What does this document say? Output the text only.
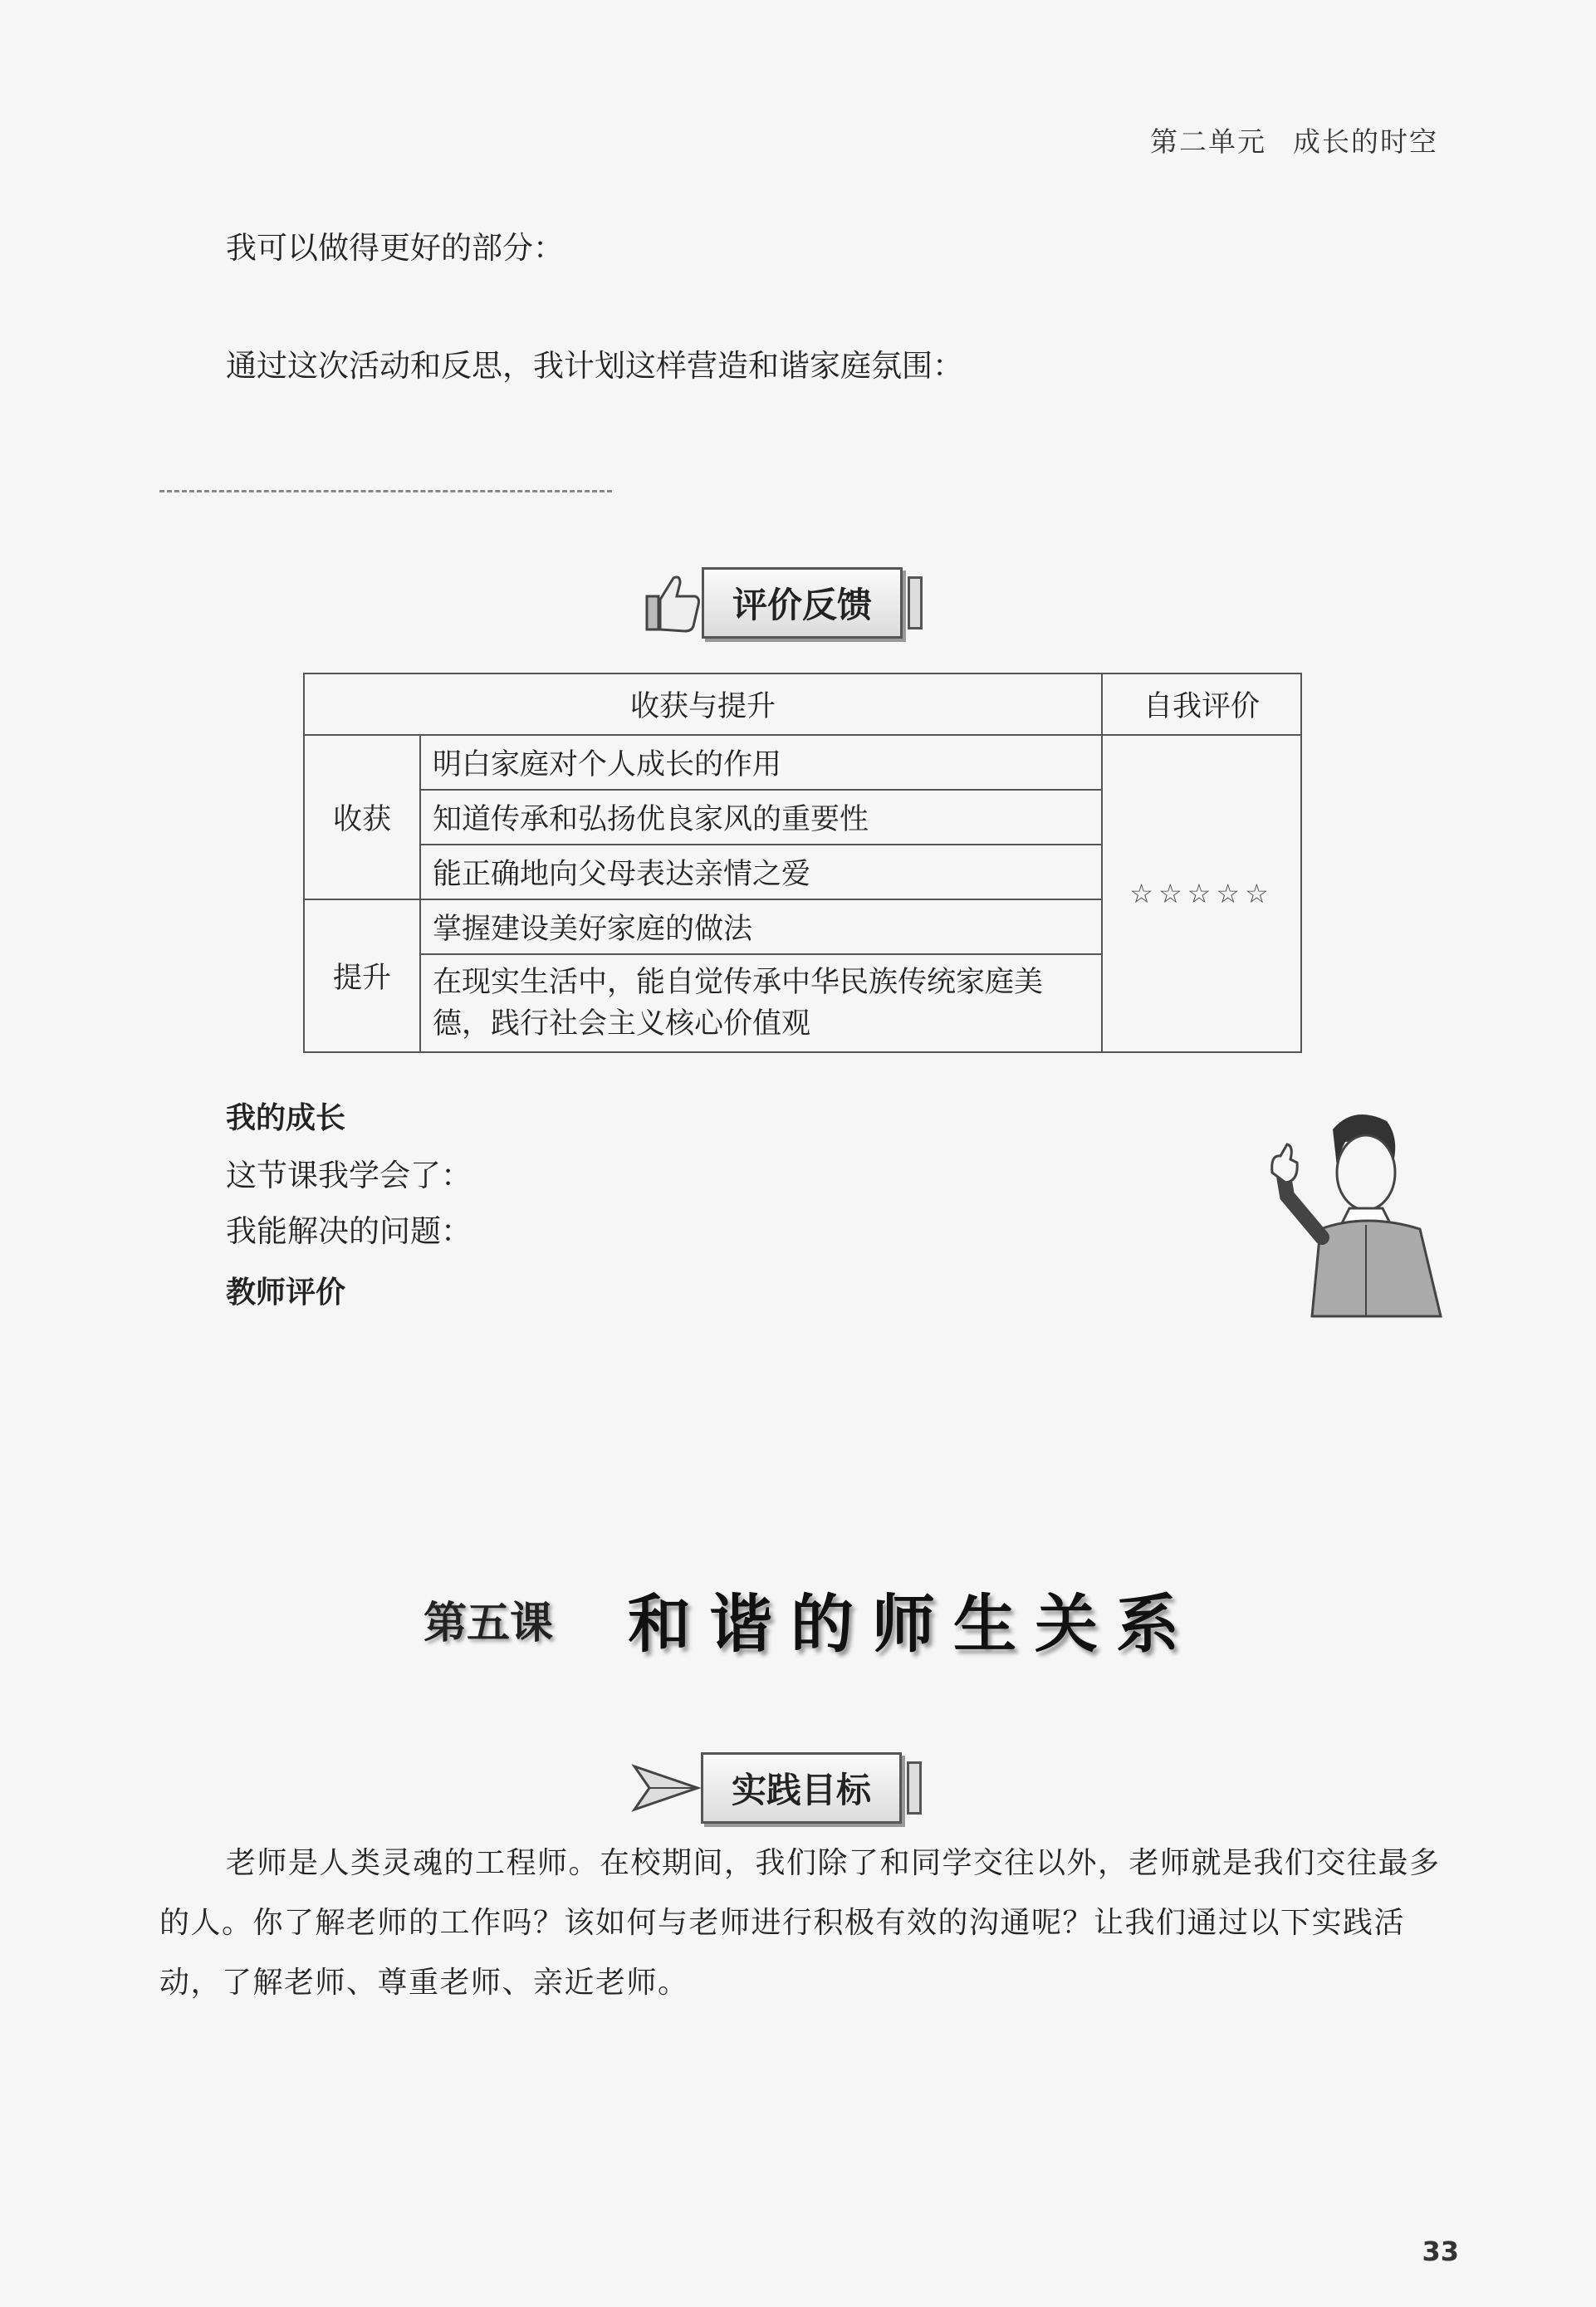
第二单元 成长的时空
我可以做得更好的部分：
通过这次活动和反思，我计划这样营造和谐家庭氛围：
评价反馈
收获与提升		自我评价
收获	明白家庭对个人成长的作用	☆☆☆☆☆
	知道传承和弘扬优良家风的重要性	
	能正确地向父母表达亲情之爱	
提升	掌握建设美好家庭的做法	
	在现实生活中，能自觉传承中华民族传统家庭美德，践行社会主义核心价值观	
我的成长
这节课我学会了：
我能解决的问题：
教师评价
第五课 和谐的师生关系
实践目标
老师是人类灵魂的工程师。在校期间，我们除了和同学交往以外，老师就是我们交往最多的人。你了解老师的工作吗？该如何与老师进行积极有效的沟通呢？让我们通过以下实践活动，了解老师、尊重老师、亲近老师。
33
